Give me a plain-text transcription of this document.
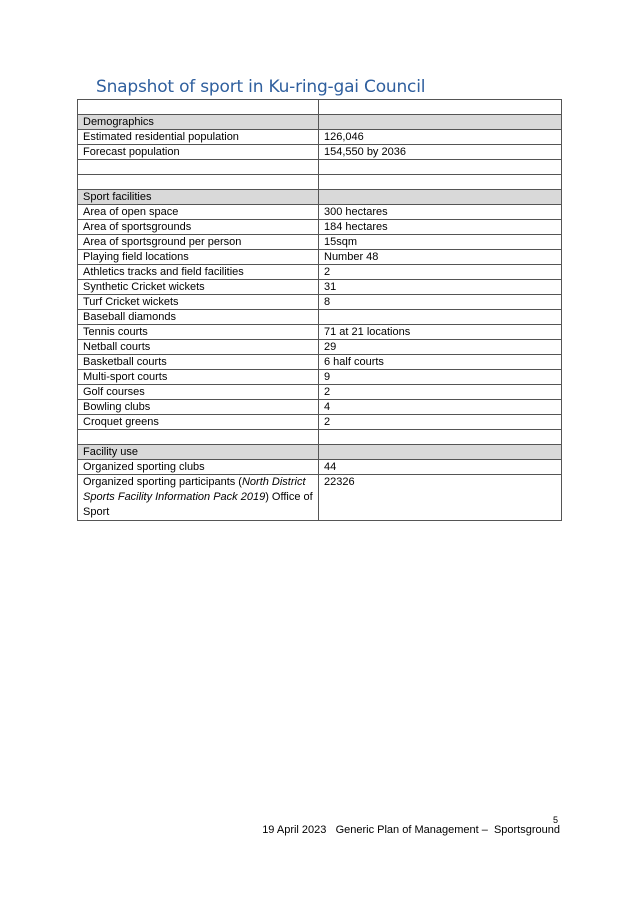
Snapshot of sport in Ku-ring-gai Council

Demographics	
Estimated residential population	126,046
Forecast population	154,550 by 2036

Sport facilities	
Area of open space	300 hectares
Area of sportsgrounds	184 hectares
Area of sportsground per person	15sqm
Playing field locations	Number 48
Athletics tracks and field facilities	2
Synthetic Cricket wickets	31
Turf Cricket wickets	8
Baseball diamonds	
Tennis courts	71 at 21 locations
Netball courts	29
Basketball courts	6 half courts
Multi-sport courts	9
Golf courses	2
Bowling clubs	4
Croquet greens	2

Facility use	
Organized sporting clubs	44
Organized sporting participants (North District Sports Facility Information Pack 2019) Office of Sport	22326
5
19 April 2023 Generic Plan of Management –  Sportsground
